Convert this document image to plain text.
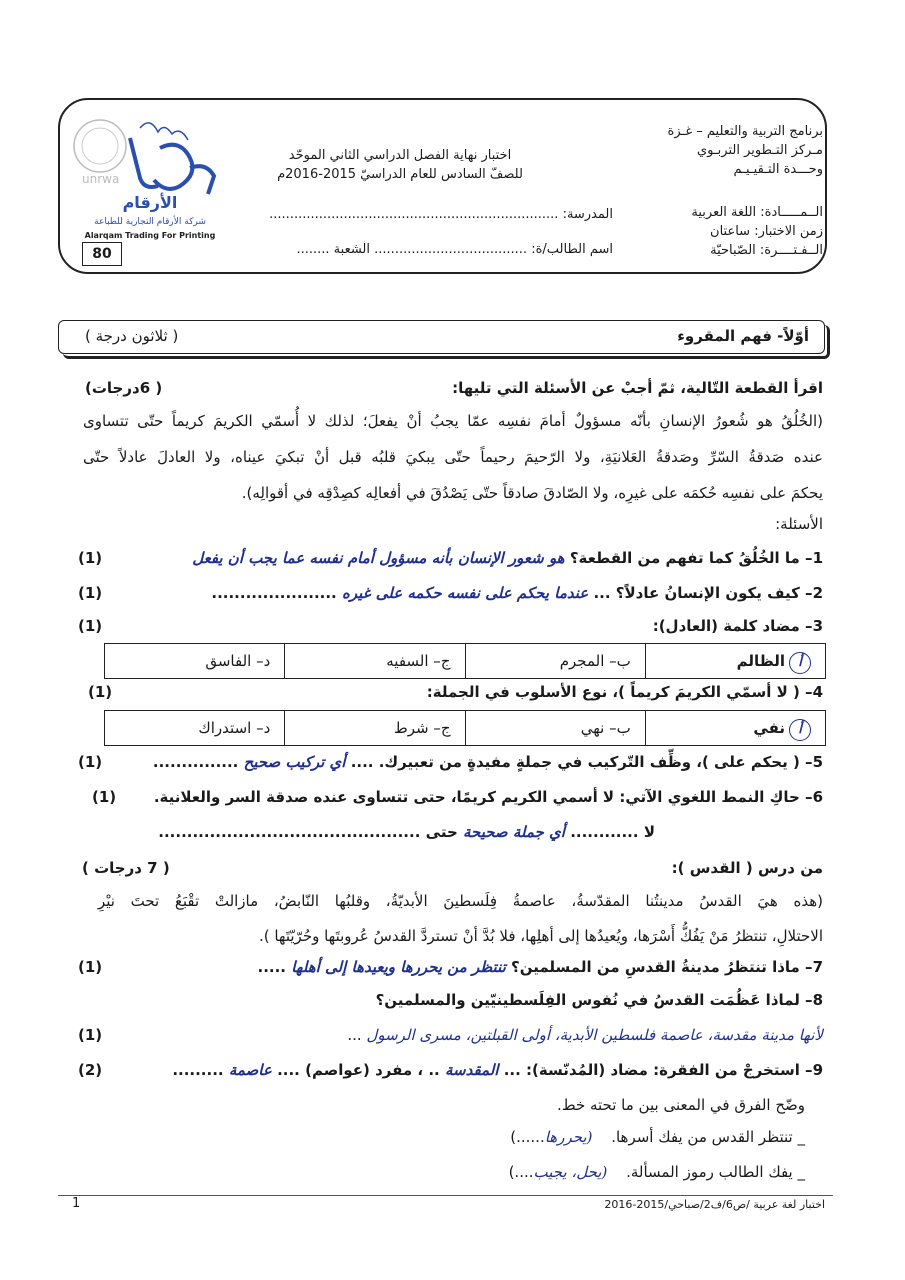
برنامج التربية والتعليم – غـزة
مـركز التـطوير التربـوي
وحـــدة التـقيـيـم
اختبار نهاية الفصل الدراسي الثاني الموحّد
للصفّ السادس للعام الدراسيّ 2015-2016م
الــمـــــادة: اللغة العربية
زمن الاختبار: ساعتان
الــفـتــــرة: الصّباحيّة
المدرسة: ......................................................................
اسم الطالب/ة: ..................................... الشعبة ........
unrwa
الأرقام
شركة الأرقام التجارية للطباعة
Alarqam Trading For Printing
80
أوّلاً- فهم المقروء
( ثلاثون درجة )
اقرأ القطعة التّالية، ثمّ أجبْ عن الأسئلة التي تليها:
( 6درجات)
(الخُلُقُ هو شُعورُ الإنسانِ بأنّه مسؤولٌ أمامَ نفسِه عمّا يجبُ أنْ يفعلَ؛ لذلك لا أُسمّي الكريمَ كريماً حتّى تتساوى
عنده صَدقةُ السّرِّ وصَدقةُ العَلانيَةِ، ولا الرّحيمَ رحيماً حتّى يبكيَ قلبُه قبل أنْ تبكيَ عيناه، ولا العادلَ عادلاً حتّى
يحكمَ على نفسِه حُكمَه على غيرِه، ولا الصّادقَ صادقاً حتّى يَصْدُقَ في أفعالِه كصِدْقِه في أقوالِه).
الأسئلة:
1– ما الخُلُقُ كما تفهم من القطعة؟ هو شعور الإنسان بأنه مسؤول أمام نفسه عما يجب أن يفعل
(1)
2– كيف يكون الإنسانُ عادلاً؟ ... عندما يحكم على نفسه حكمه على غيره ......................
(1)
3– مضاد كلمة (العادل):
(1)
أالظالم
ب– المجرم
ج– السفيه
د– الفاسق
4– ( لا أسمّي الكريمَ كريماً )، نوع الأسلوب في الجملة:
(1)
أنفي
ب– نهي
ج– شرط
د– استدراك
5– ( يحكم على )، وظِّف التّركيب في جملةٍ مفيدةٍ من تعبيرك. .... أي تركيب صحيح ...............
(1)
6– حاكِ النمط اللغوي الآتي: لا أسمي الكريم كريمًا، حتى تتساوى عنده صدقة السر والعلانية.
(1)
لا ............ أي جملة صحيحة حتى ..............................................
من درس ( القدس ):
( 7 درجات )
(هذه هيَ القدسُ مدينتُنا المقدّسةُ، عاصمةُ فِلَسطينَ الأبديّةُ، وقلبُها النّابضُ، مازالتْ تقْبَعُ تحتَ نيْرِ
الاحتلالِ، تنتظرُ مَنْ يَفُكُّ أَسْرَها، ويُعيدُها إلى أهلِها، فلا بُدَّ أنْ تستردَّ القدسُ عُروبتَها وحُرّيّتَها ).
7– ماذا تنتظرُ مدينةُ القدسِ من المسلمين؟ تنتظر من يحررها ويعيدها إلى أهلها .....
(1)
8– لماذا عَظُمَت القدسُ في نُفوس الفِلَسطينيّين والمسلمين؟
لأنها مدينة مقدسة، عاصمة فلسطين الأبدية، أولى القبلتين، مسرى الرسول ...
(1)
9– استخرجْ من الفقرة: مضاد (المُدنّسة): ... المقدسة .. ، مفرد (عواصم) .... عاصمة .........
(2)
وضّح الفرق في المعنى بين ما تحته خط.
_ تنتظر القدس من يفك أسرها. (يحررها......)
_ يفك الطالب رموز المسألة. (يحل، يجيب....)
اختبار لغة عربية /ص6/ف2/صباحي/2015-2016
1
